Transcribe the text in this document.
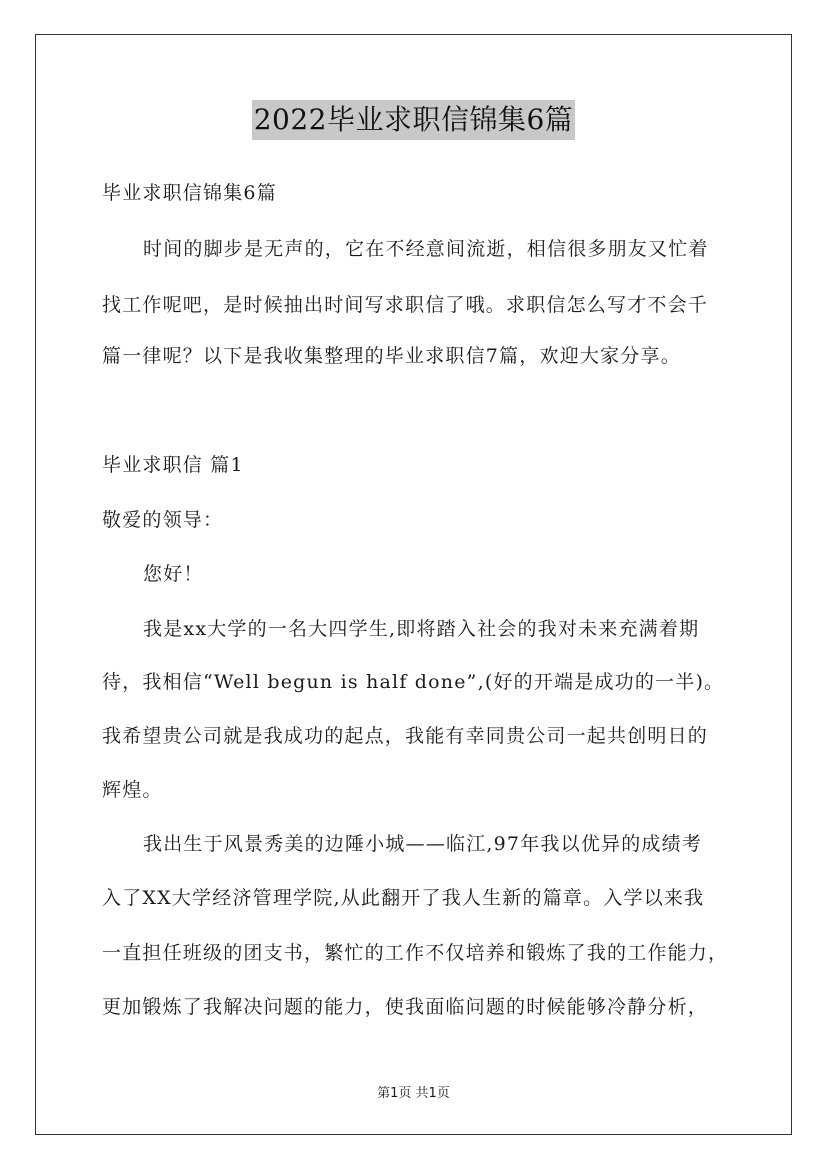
2022毕业求职信锦集6篇
毕业求职信锦集6篇
时间的脚步是无声的，它在不经意间流逝，相信很多朋友又忙着
找工作呢吧，是时候抽出时间写求职信了哦。求职信怎么写才不会千
篇一律呢？以下是我收集整理的毕业求职信7篇，欢迎大家分享。
毕业求职信 篇1
敬爱的领导：
您好！
我是xx大学的一名大四学生,即将踏入社会的我对未来充满着期
待，我相信“Well begun is half done”,(好的开端是成功的一半)。
我希望贵公司就是我成功的起点，我能有幸同贵公司一起共创明日的
辉煌。
我出生于风景秀美的边陲小城——临江,97年我以优异的成绩考
入了XX大学经济管理学院,从此翻开了我人生新的篇章。入学以来我
一直担任班级的团支书，繁忙的工作不仅培养和锻炼了我的工作能力，
更加锻炼了我解决问题的能力，使我面临问题的时候能够冷静分析，
第1页 共1页
